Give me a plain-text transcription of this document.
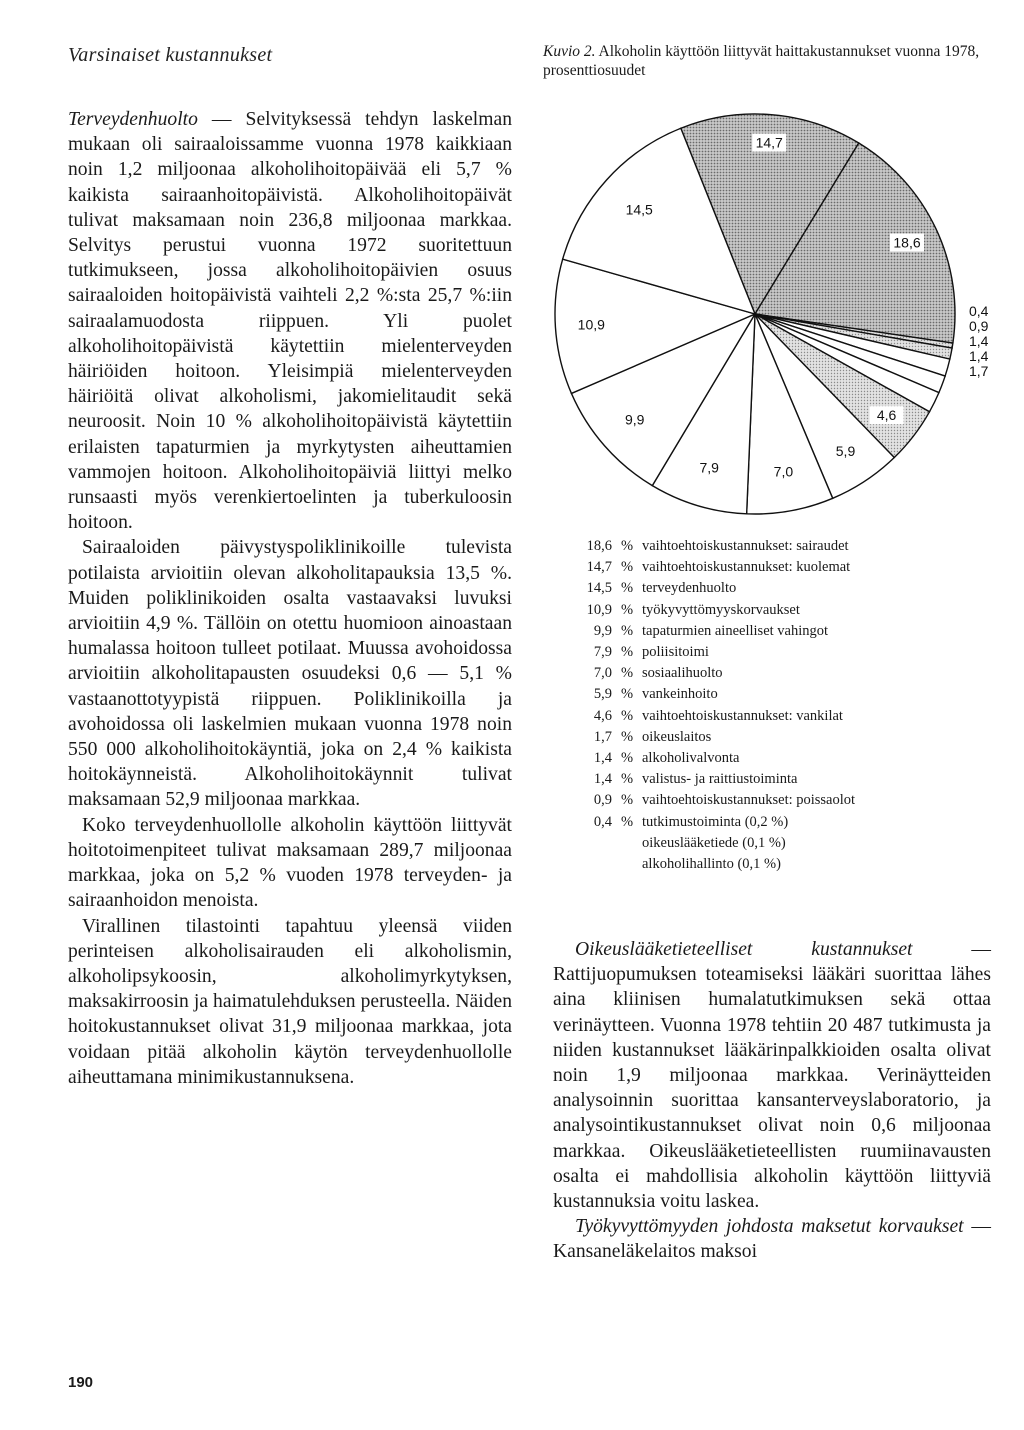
Varsinaiset kustannukset

Terveydenhuolto — Selvityksessä tehdyn laskelman mukaan oli sairaaloissamme vuonna 1978 kaikkiaan noin 1,2 miljoonaa alkoholihoitopäivää eli 5,7 % kaikista sairaanhoitopäivistä. Alkoholihoitopäivät tulivat maksamaan noin 236,8 miljoonaa markkaa. Selvitys perustui vuonna 1972 suoritettuun tutkimukseen, jossa alkoholihoitopäivien osuus sairaaloiden hoitopäivistä vaihteli 2,2 %:sta 25,7 %:iin sairaalamuodosta riippuen. Yli puolet alkoholihoitopäivistä käytettiin mielenterveyden häiriöiden hoitoon. Yleisimpiä mielenterveyden häiriöitä olivat alkoholismi, jakomielitaudit sekä neuroosit. Noin 10 % alkoholihoitopäivistä käytettiin erilaisten tapaturmien ja myrkytysten aiheuttamien vammojen hoitoon. Alkoholihoitopäiviä liittyi melko runsaasti myös verenkiertoelinten ja tuberkuloosin hoitoon.

Sairaaloiden päivystyspoliklinikoille tulevista potilaista arvioitiin olevan alkoholitapauksia 13,5 %. Muiden poliklinikoiden osalta vastaavaksi luvuksi arvioitiin 4,9 %. Tällöin on otettu huomioon ainoastaan humalassa hoitoon tulleet potilaat. Muussa avohoidossa arvioitiin alkoholitapausten osuudeksi 0,6 — 5,1 % vastaanottotyypistä riippuen. Poliklinikoilla ja avohoidossa oli laskelmien mukaan vuonna 1978 noin 550 000 alkoholihoitokäyntiä, joka on 2,4 % kaikista hoitokäynneistä. Alkoholihoitokäynnit tulivat maksamaan 52,9 miljoonaa markkaa.

Koko terveydenhuollolle alkoholin käyttöön liittyvät hoitotoimenpiteet tulivat maksamaan 289,7 miljoonaa markkaa, joka on 5,2 % vuoden 1978 terveyden- ja sairaanhoidon menoista.

Virallinen tilastointi tapahtuu yleensä viiden perinteisen alkoholisairauden eli alkoholismin, alkoholipsykoosin, alkoholimyrkytyksen, maksakirroosin ja haimatulehduksen perusteella. Näiden hoitokustannukset olivat 31,9 miljoonaa markkaa, jota voidaan pitää alkoholin käytön terveydenhuollolle aiheuttamana minimikustannuksena.

190
Kuvio 2. Alkoholin käyttöön liittyvät haittakustannukset vuonna 1978, prosenttiosuudet
14,7
18,6
0,4
0,9
1,4
1,4
1,7
4,6
5,9
7,0
7,9
9,9
10,9
14,5
18,6 % vaihtoehtoiskustannukset: sairaudet
14,7 % vaihtoehtoiskustannukset: kuolemat
14,5 % terveydenhuolto
10,9 % työkyvyttömyyskorvaukset
9,9 % tapaturmien aineelliset vahingot
7,9 % poliisitoimi
7,0 % sosiaalihuolto
5,9 % vankeinhoito
4,6 % vaihtoehtoiskustannukset: vankilat
1,7 % oikeuslaitos
1,4 % alkoholivalvonta
1,4 % valistus- ja raittiustoiminta
0,9 % vaihtoehtoiskustannukset: poissaolot
0,4 % tutkimustoiminta (0,2 %)
oikeuslääketiede (0,1 %)
alkoholihallinto (0,1 %)

Oikeuslääketieteelliset kustannukset — Rattijuopumuksen toteamiseksi lääkäri suorittaa lähes aina kliinisen humalatutkimuksen sekä ottaa verinäytteen. Vuonna 1978 tehtiin 20 487 tutkimusta ja niiden kustannukset lääkärinpalkkioiden osalta olivat noin 1,9 miljoonaa markkaa. Verinäytteiden analysoinnin suorittaa kansanterveyslaboratorio, ja analysointikustannukset olivat noin 0,6 miljoonaa markkaa. Oikeuslääketieteellisten ruumiinavausten osalta ei mahdollisia alkoholin käyttöön liittyviä kustannuksia voitu laskea.

Työkyvyttömyyden johdosta maksetut korvaukset — Kansaneläkelaitos maksoi
